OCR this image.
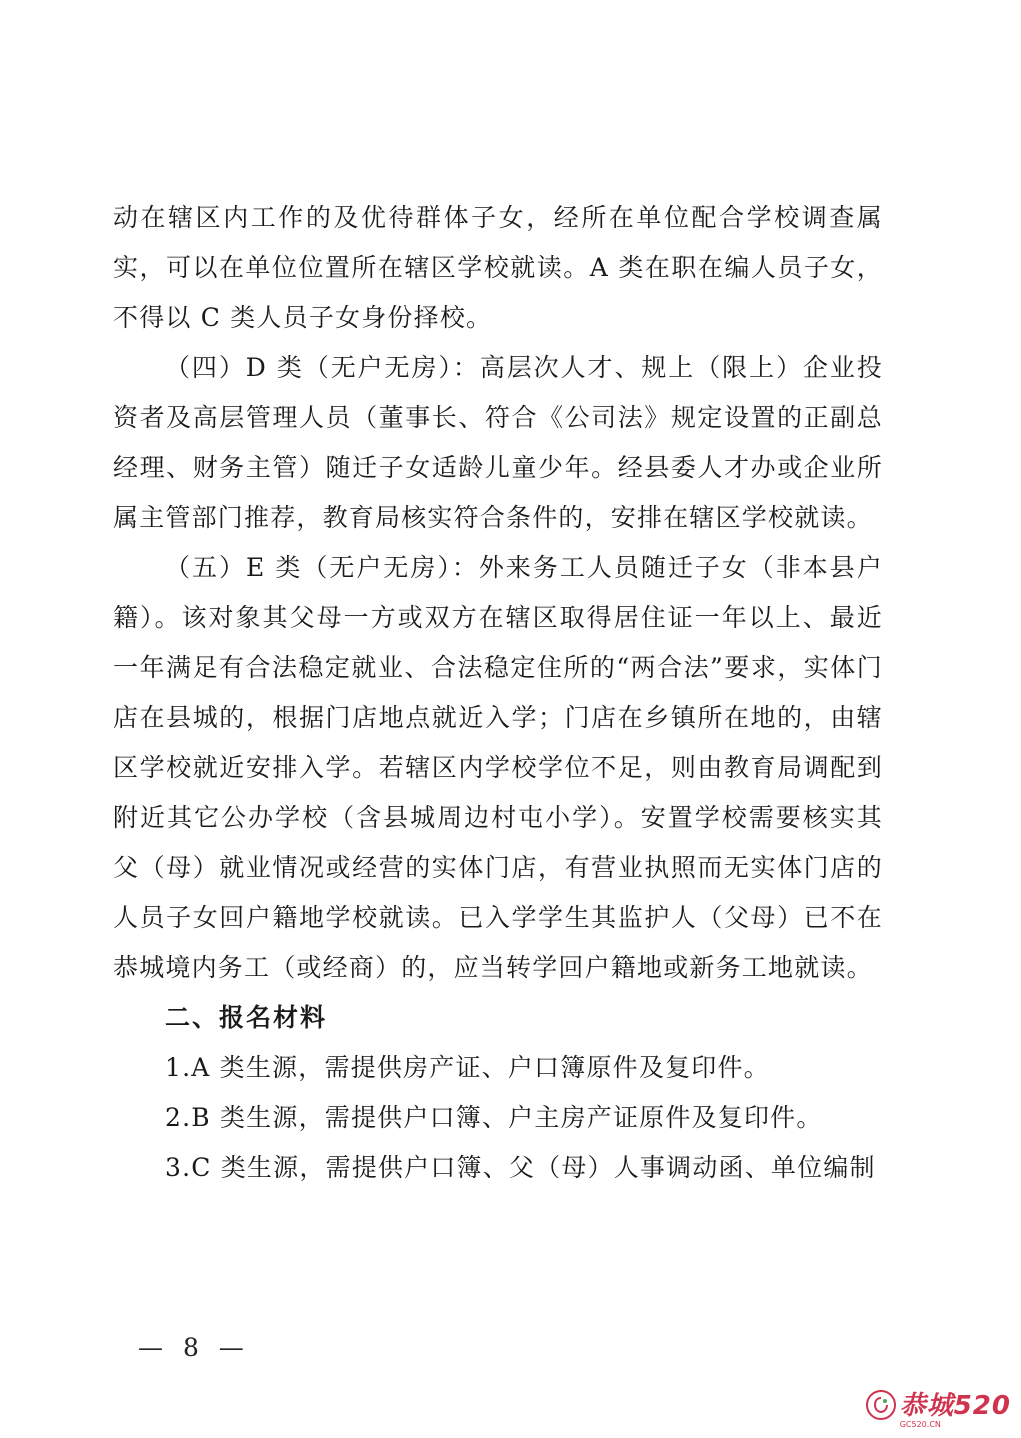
动在辖区内工作的及优待群体子女，经所在单位配合学校调查属实，可以在单位位置所在辖区学校就读。A 类在职在编人员子女，不得以 C 类人员子女身份择校。

（四）D 类（无户无房）：高层次人才、规上（限上）企业投资者及高层管理人员（董事长、符合《公司法》规定设置的正副总经理、财务主管）随迁子女适龄儿童少年。经县委人才办或企业所属主管部门推荐，教育局核实符合条件的，安排在辖区学校就读。

（五）E 类（无户无房）：外来务工人员随迁子女（非本县户籍）。该对象其父母一方或双方在辖区取得居住证一年以上、最近一年满足有合法稳定就业、合法稳定住所的“两合法”要求，实体门店在县城的，根据门店地点就近入学；门店在乡镇所在地的，由辖区学校就近安排入学。若辖区内学校学位不足，则由教育局调配到附近其它公办学校（含县城周边村屯小学）。安置学校需要核实其父（母）就业情况或经营的实体门店，有营业执照而无实体门店的人员子女回户籍地学校就读。已入学学生其监护人（父母）已不在恭城境内务工（或经商）的，应当转学回户籍地或新务工地就读。

二、报名材料

1.A 类生源，需提供房产证、户口簿原件及复印件。

2.B 类生源，需提供户口簿、户主房产证原件及复印件。

3.C 类生源，需提供户口簿、父（母）人事调动函、单位编制

— 8 —
恭城520
GC520.CN
